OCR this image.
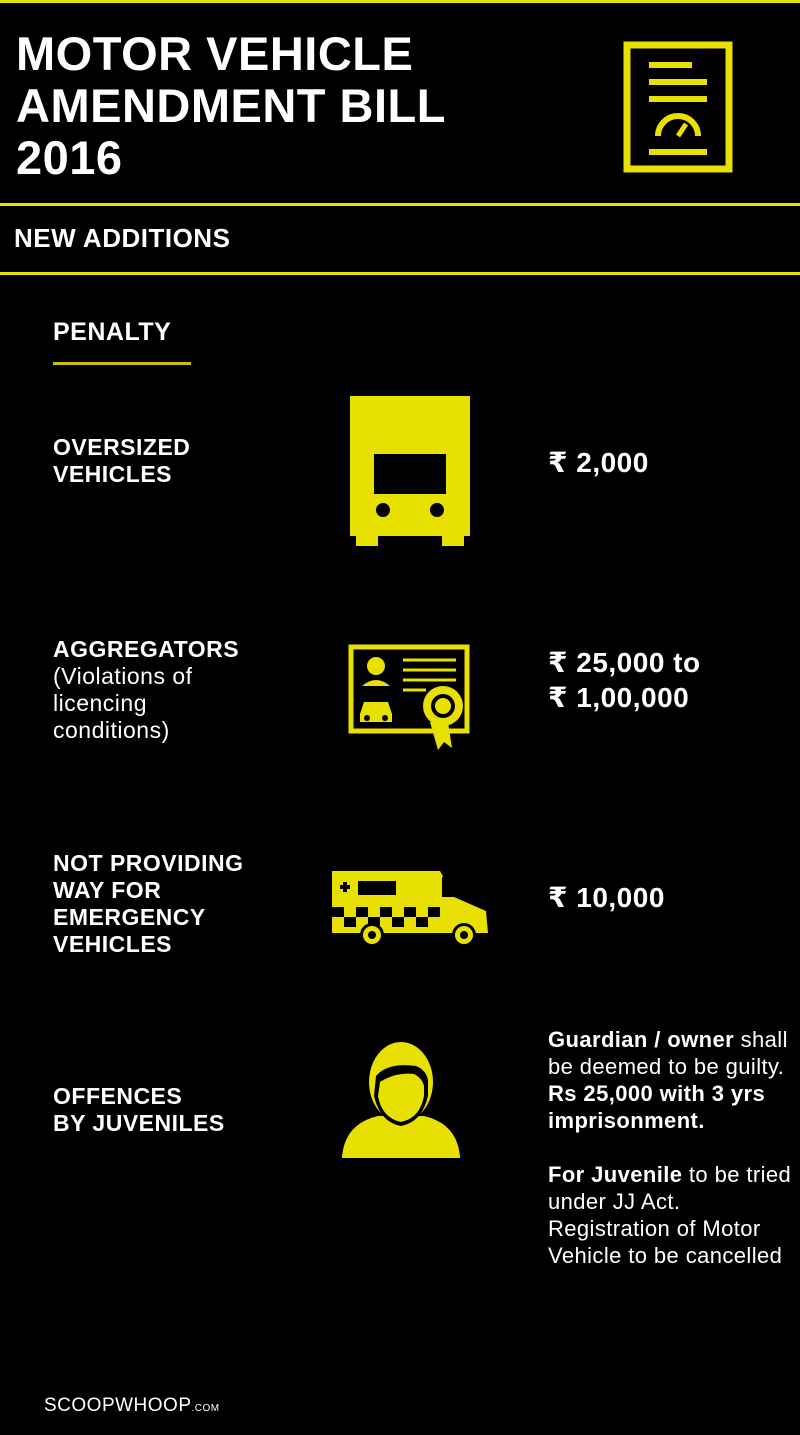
MOTOR VEHICLE
AMENDMENT BILL
2016
NEW ADDITIONS
PENALTY
OVERSIZED
VEHICLES	₹ 2,000
AGGREGATORS
(Violations of
licencing
conditions)
₹ 25,000 to
₹ 1,00,000
NOT PROVIDING
WAY FOR
EMERGENCY
VEHICLES
₹ 10,000
OFFENCES
BY JUVENILES
Guardian / owner shall be deemed to be guilty.
Rs 25,000 with 3 yrs imprisonment.
For Juvenile to be tried under JJ Act. Registration of Motor Vehicle to be cancelled
SCOOPWHOOP.COM
